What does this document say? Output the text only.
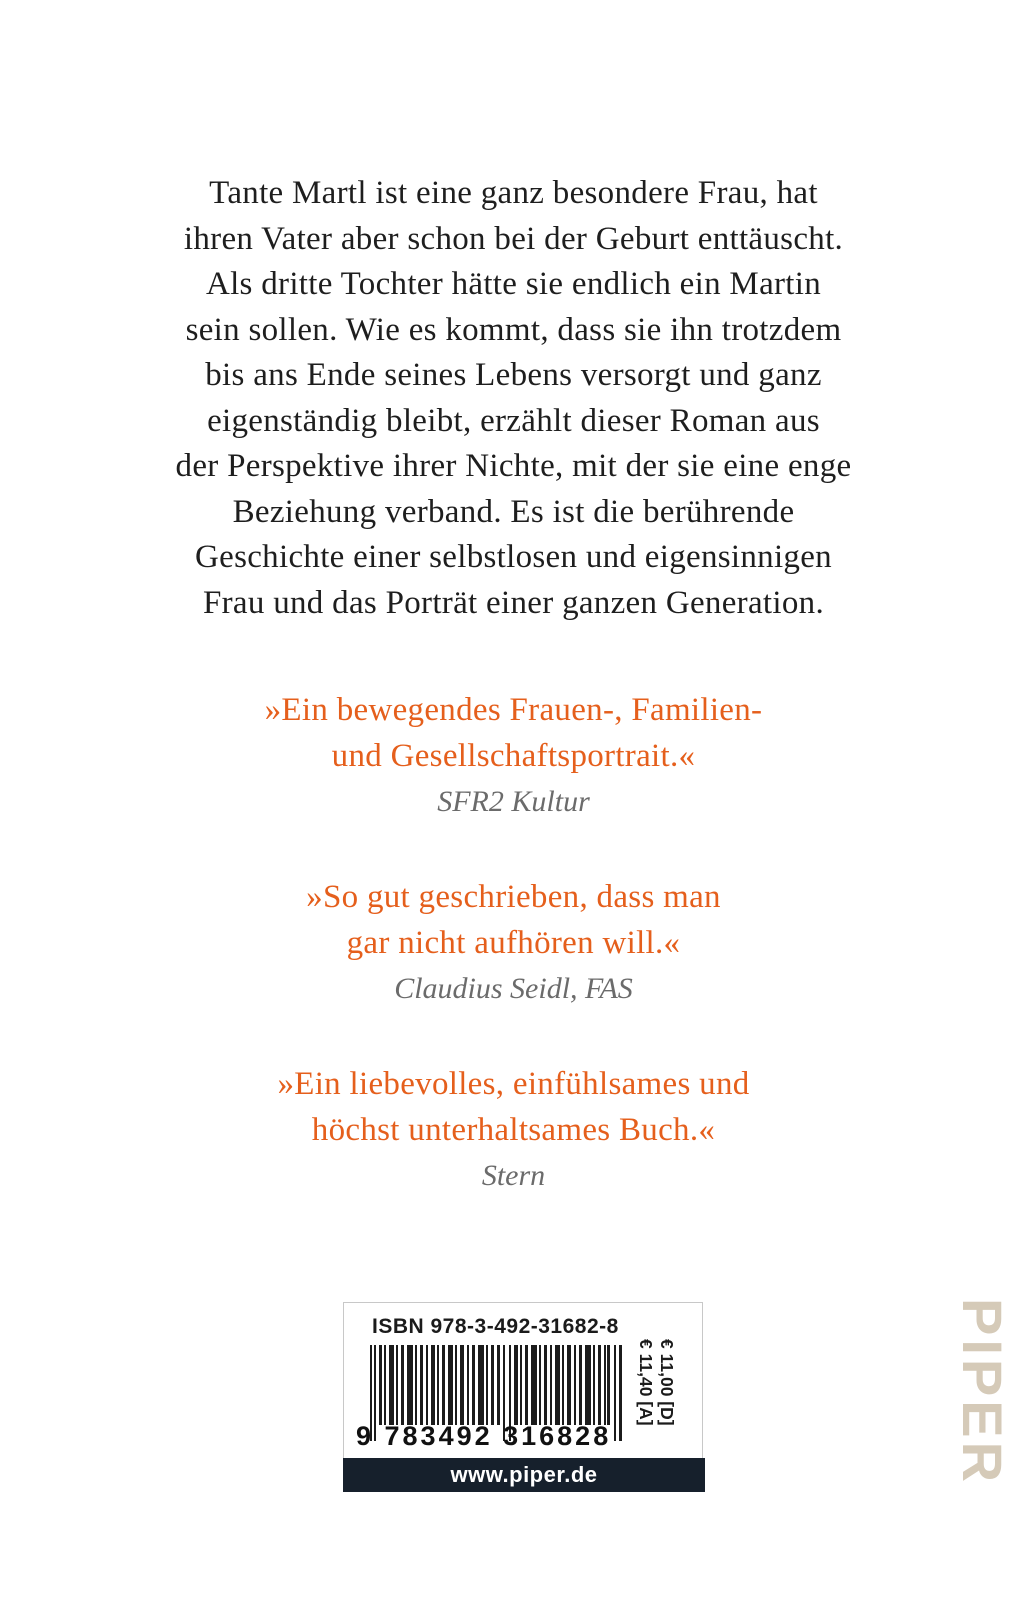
Tante Martl ist eine ganz besondere Frau, hat
ihren Vater aber schon bei der Geburt enttäuscht.
Als dritte Tochter hätte sie endlich ein Martin
sein sollen. Wie es kommt, dass sie ihn trotzdem
bis ans Ende seines Lebens versorgt und ganz
eigenständig bleibt, erzählt dieser Roman aus
der Perspektive ihrer Nichte, mit der sie eine enge
Beziehung verband. Es ist die berührende
Geschichte einer selbstlosen und eigensinnigen
Frau und das Porträt einer ganzen Generation.
»Ein bewegendes Frauen-, Familien-
und Gesellschaftsportrait.«
SFR2 Kultur
»So gut geschrieben, dass man
gar nicht aufhören will.«
Claudius Seidl, FAS
»Ein liebevolles, einfühlsames und
höchst unterhaltsames Buch.«
Stern
ISBN 978-3-492-31682-8
9 783492 316828
€ 11,00 [D]
€ 11,40 [A]
www.piper.de	PIPER
